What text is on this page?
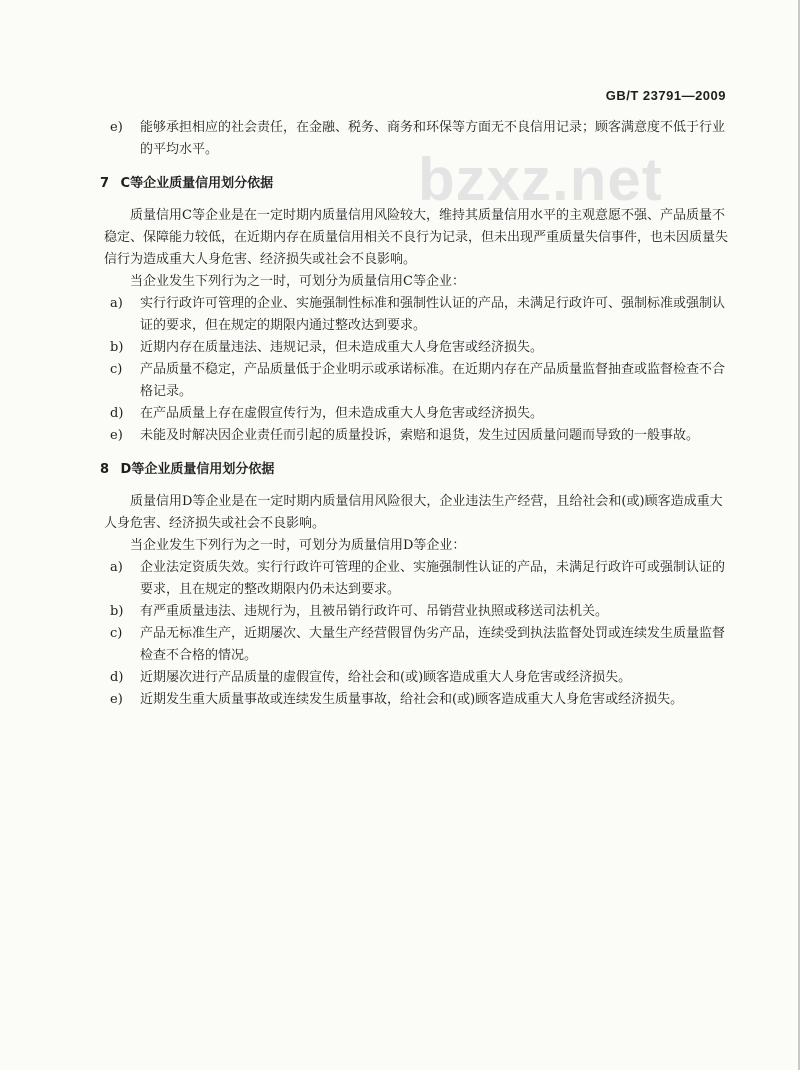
GB/T 23791—2009
bzxz.net
e) 能够承担相应的社会责任，在金融、税务、商务和环保等方面无不良信用记录；顾客满意度不低于行业的平均水平。
7 C等企业质量信用划分依据
质量信用C等企业是在一定时期内质量信用风险较大，维持其质量信用水平的主观意愿不强、产品质量不稳定、保障能力较低，在近期内存在质量信用相关不良行为记录，但未出现严重质量失信事件，也未因质量失信行为造成重大人身危害、经济损失或社会不良影响。
当企业发生下列行为之一时，可划分为质量信用C等企业：
a) 实行行政许可管理的企业、实施强制性标准和强制性认证的产品，未满足行政许可、强制标准或强制认证的要求，但在规定的期限内通过整改达到要求。
b) 近期内存在质量违法、违规记录，但未造成重大人身危害或经济损失。
c) 产品质量不稳定，产品质量低于企业明示或承诺标准。在近期内存在产品质量监督抽查或监督检查不合格记录。
d) 在产品质量上存在虚假宣传行为，但未造成重大人身危害或经济损失。
e) 未能及时解决因企业责任而引起的质量投诉，索赔和退货，发生过因质量问题而导致的一般事故。
8 D等企业质量信用划分依据
质量信用D等企业是在一定时期内质量信用风险很大，企业违法生产经营，且给社会和(或)顾客造成重大人身危害、经济损失或社会不良影响。
当企业发生下列行为之一时，可划分为质量信用D等企业：
a) 企业法定资质失效。实行行政许可管理的企业、实施强制性认证的产品，未满足行政许可或强制认证的要求，且在规定的整改期限内仍未达到要求。
b) 有严重质量违法、违规行为，且被吊销行政许可、吊销营业执照或移送司法机关。
c) 产品无标准生产，近期屡次、大量生产经营假冒伪劣产品，连续受到执法监督处罚或连续发生质量监督检查不合格的情况。
d) 近期屡次进行产品质量的虚假宣传，给社会和(或)顾客造成重大人身危害或经济损失。
e) 近期发生重大质量事故或连续发生质量事故，给社会和(或)顾客造成重大人身危害或经济损失。
